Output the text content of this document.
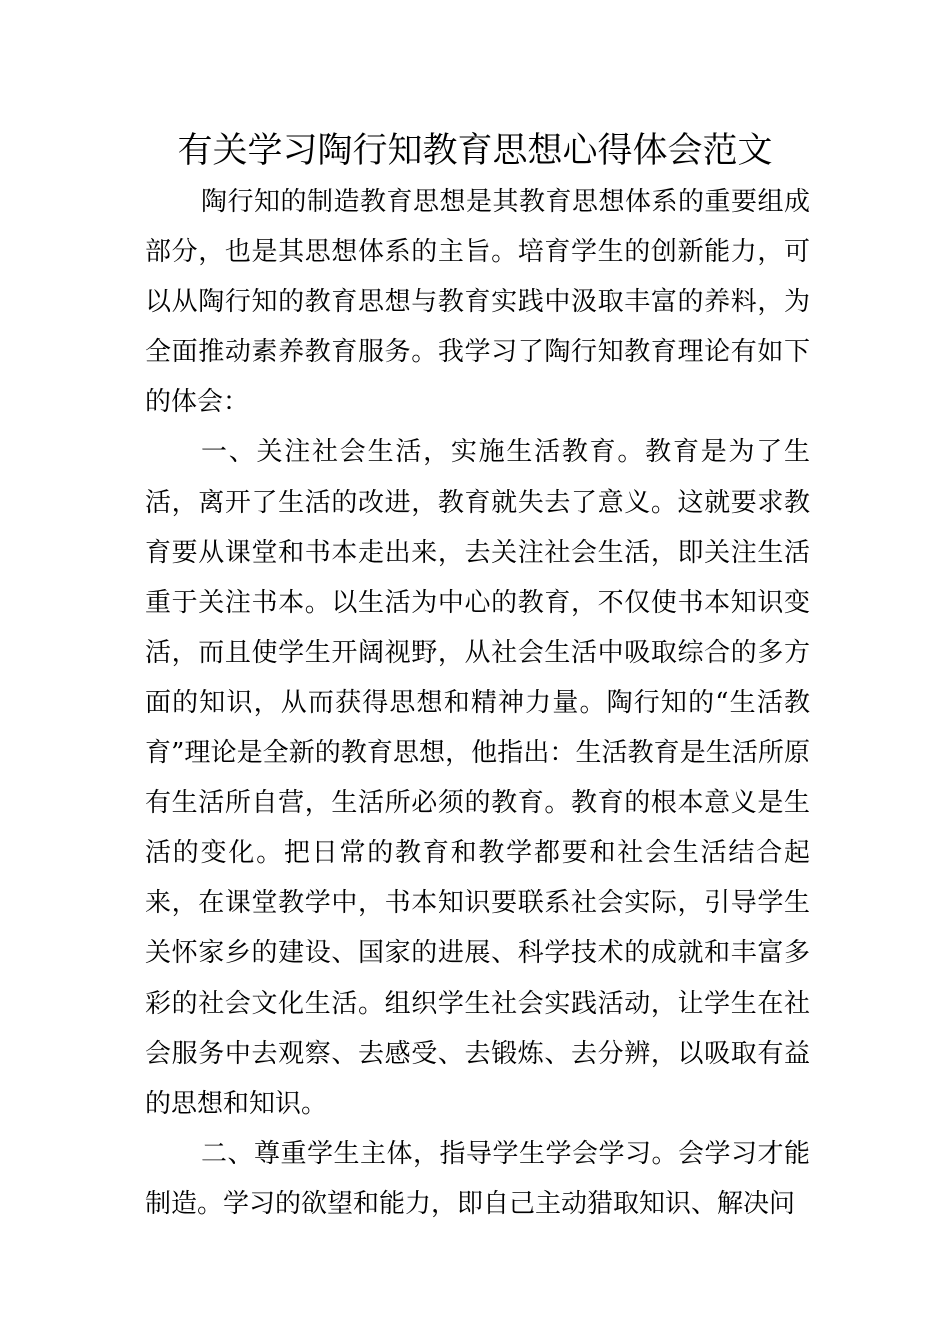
有关学习陶行知教育思想心得体会范文

陶行知的制造教育思想是其教育思想体系的重要组成部分，也是其思想体系的主旨。培育学生的创新能力，可以从陶行知的教育思想与教育实践中汲取丰富的养料，为全面推动素养教育服务。我学习了陶行知教育理论有如下的体会：

一、关注社会生活，实施生活教育。教育是为了生活，离开了生活的改进，教育就失去了意义。这就要求教育要从课堂和书本走出来，去关注社会生活，即关注生活重于关注书本。以生活为中心的教育，不仅使书本知识变活，而且使学生开阔视野，从社会生活中吸取综合的多方面的知识，从而获得思想和精神力量。陶行知的“生活教育”理论是全新的教育思想，他指出：生活教育是生活所原有生活所自营，生活所必须的教育。教育的根本意义是生活的变化。把日常的教育和教学都要和社会生活结合起来，在课堂教学中，书本知识要联系社会实际，引导学生关怀家乡的建设、国家的进展、科学技术的成就和丰富多彩的社会文化生活。组织学生社会实践活动，让学生在社会服务中去观察、去感受、去锻炼、去分辨，以吸取有益的思想和知识。

二、尊重学生主体，指导学生学会学习。会学习才能制造。学习的欲望和能力，即自己主动猎取知识、解决问
